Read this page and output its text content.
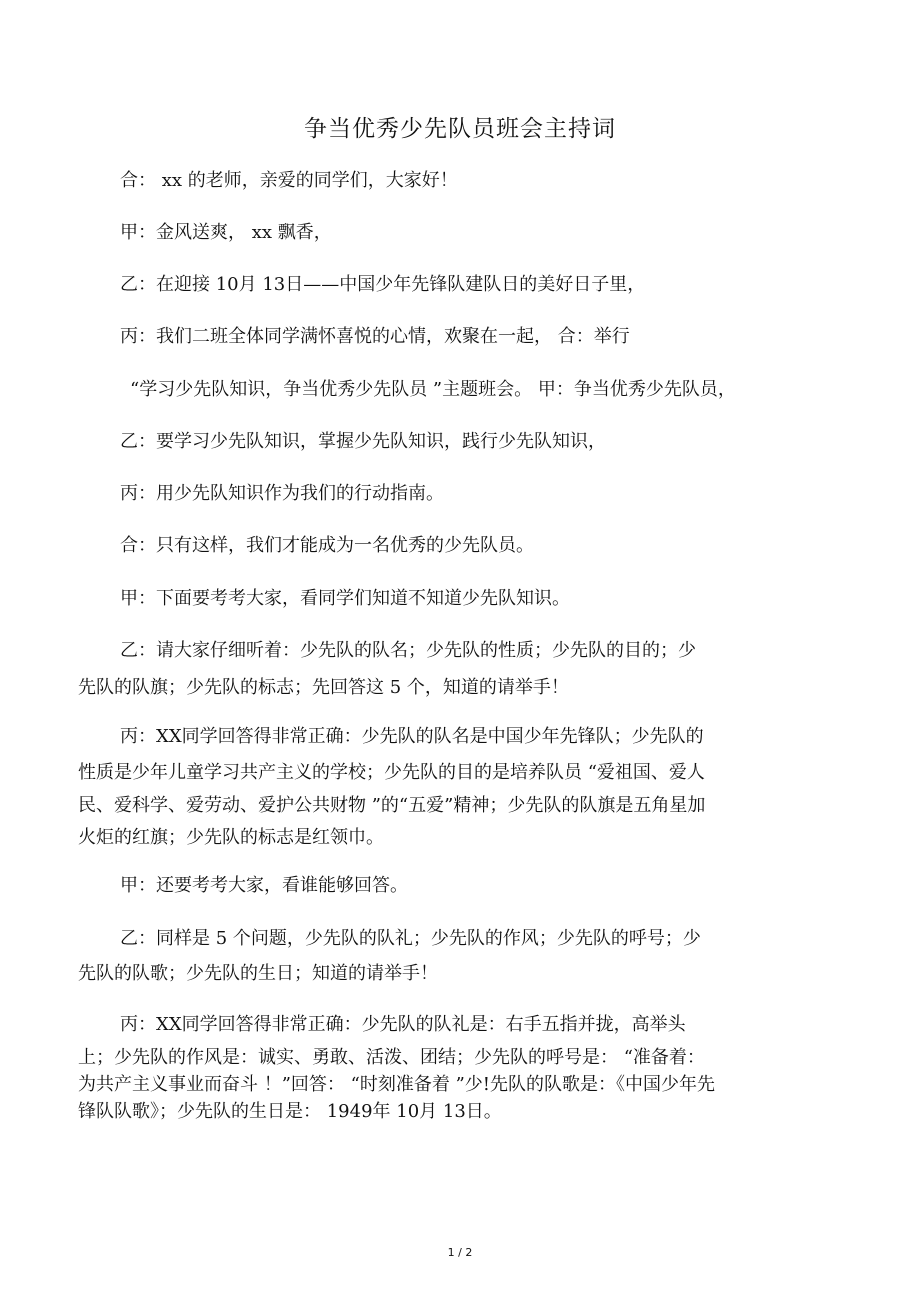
争当优秀少先队员班会主持词
合： xx 的老师，亲爱的同学们，大家好！
甲：金风送爽， xx 飘香，
乙：在迎接 10月 13日——中国少年先锋队建队日的美好日子里，
丙：我们二班全体同学满怀喜悦的心情，欢聚在一起， 合：举行
“学习少先队知识，争当优秀少先队员 ”主题班会。 甲：争当优秀少先队员，
乙：要学习少先队知识，掌握少先队知识，践行少先队知识，
丙：用少先队知识作为我们的行动指南。
合：只有这样，我们才能成为一名优秀的少先队员。
甲：下面要考考大家，看同学们知道不知道少先队知识。
乙：请大家仔细听着：少先队的队名；少先队的性质；少先队的目的；少
先队的队旗；少先队的标志；先回答这 5 个，知道的请举手！
丙：XX同学回答得非常正确：少先队的队名是中国少年先锋队；少先队的
性质是少年儿童学习共产主义的学校；少先队的目的是培养队员 “爱祖国、爱人
民、爱科学、爱劳动、爱护公共财物 ”的“五爱”精神；少先队的队旗是五角星加
火炬的红旗；少先队的标志是红领巾。
甲：还要考考大家，看谁能够回答。
乙：同样是 5 个问题，少先队的队礼；少先队的作风；少先队的呼号；少
先队的队歌；少先队的生日；知道的请举手！
丙：XX同学回答得非常正确：少先队的队礼是：右手五指并拢，高举头
上；少先队的作风是：诚实、勇敢、活泼、团结；少先队的呼号是： “准备着：
为共产主义事业而奋斗 ！”回答： “时刻准备着 ”少!先队的队歌是：《中国少年先
锋队队歌》；少先队的生日是： 1949年 10月 13日。
1 / 2
